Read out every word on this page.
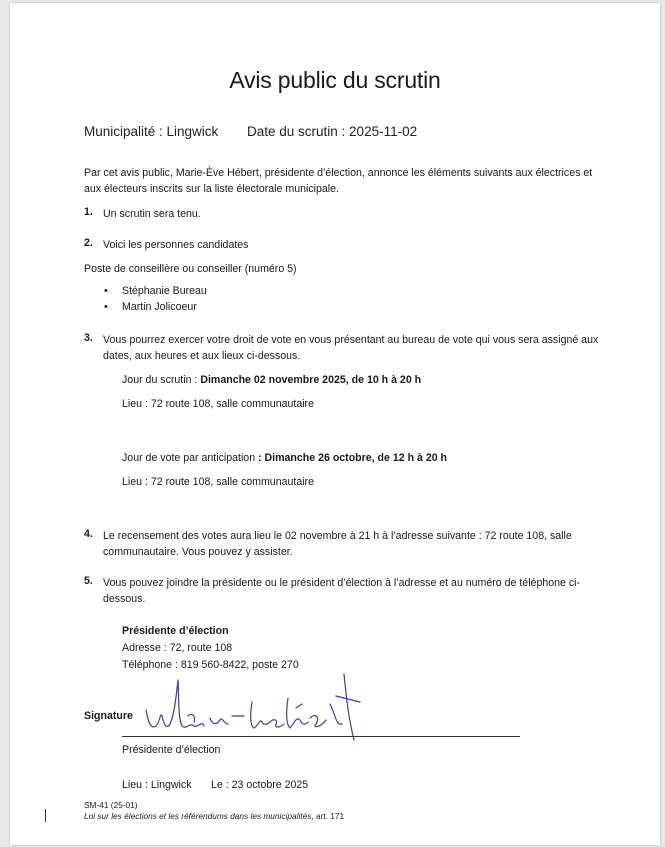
Avis public du scrutin
Municipalité : Lingwick Date du scrutin : 2025-11-02
Par cet avis public, Marie-Ève Hébert, présidente d’élection, annonce les éléments suivants aux électrices et aux électeurs inscrits sur la liste électorale municipale.
1. Un scrutin sera tenu.
2. Voici les personnes candidates
Poste de conseillère ou conseiller (numéro 5)
• Stéphanie Bureau
• Martin Jolicoeur
3. Vous pourrez exercer votre droit de vote en vous présentant au bureau de vote qui vous sera assigné aux dates, aux heures et aux lieux ci-dessous.
Jour du scrutin : Dimanche 02 novembre 2025, de 10 h à 20 h
Lieu : 72 route 108, salle communautaire
Jour de vote par anticipation : Dimanche 26 octobre, de 12 h à 20 h
Lieu : 72 route 108, salle communautaire
4. Le recensement des votes aura lieu le 02 novembre à 21 h à l’adresse suivante : 72 route 108, salle communautaire. Vous pouvez y assister.
5. Vous pouvez joindre la présidente ou le président d’élection à l’adresse et au numéro de téléphone ci-dessous.
Présidente d’élection
Adresse : 72, route 108
Téléphone : 819 560-8422, poste 270
Signature
Présidente d’élection
Lieu : Lingwick Le : 23 octobre 2025
SM-41 (25-01)
Loi sur les élections et les référendums dans les municipalités, art. 171
